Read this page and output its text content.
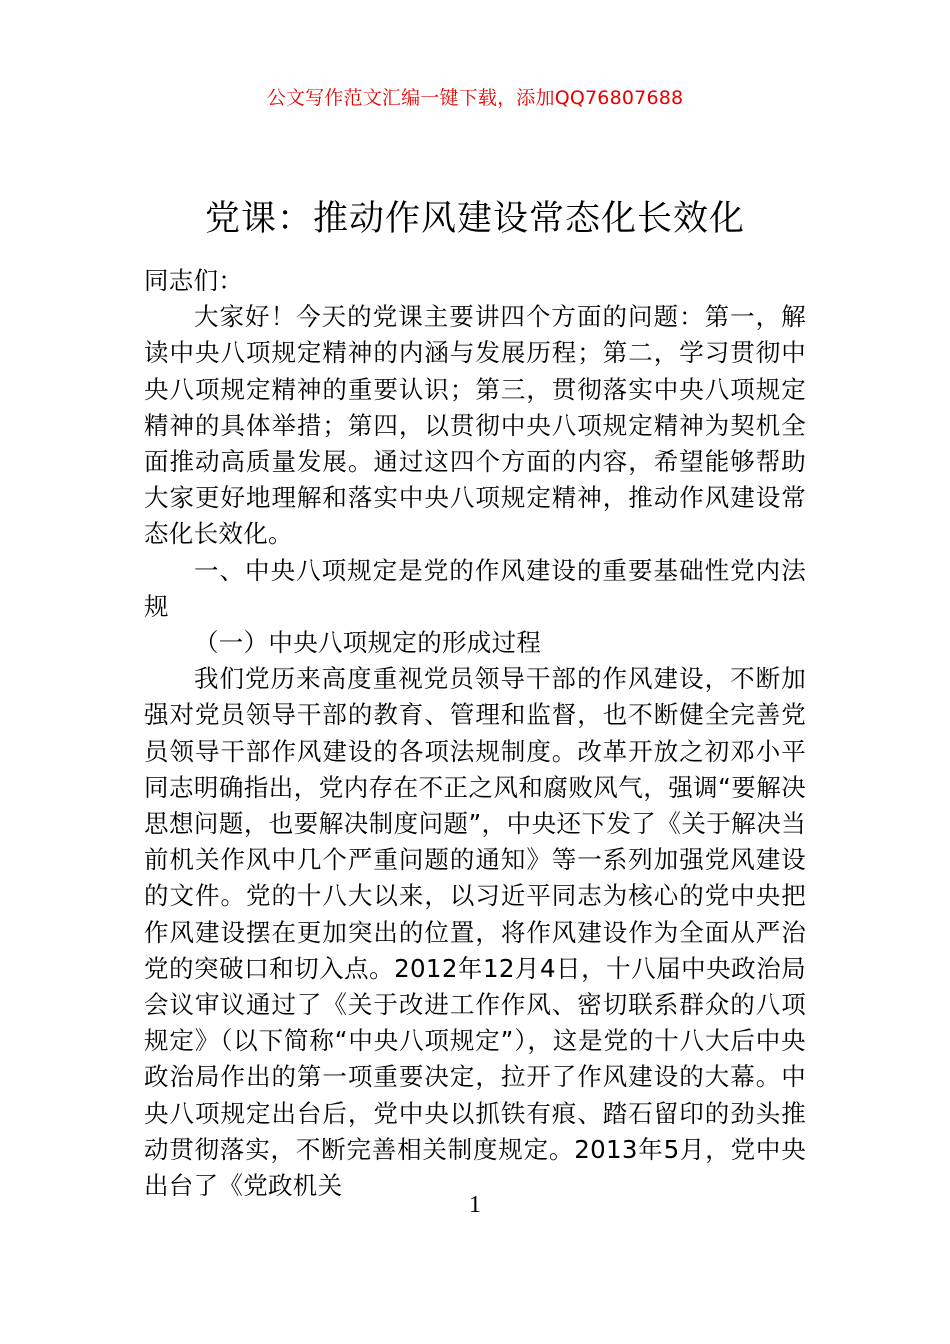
公文写作范文汇编一键下载，添加QQ76807688
党课：推动作风建设常态化长效化

同志们：

大家好！今天的党课主要讲四个方面的问题：第一，解读中央八项规定精神的内涵与发展历程；第二，学习贯彻中央八项规定精神的重要认识；第三，贯彻落实中央八项规定精神的具体举措；第四，以贯彻中央八项规定精神为契机全面推动高质量发展。通过这四个方面的内容，希望能够帮助大家更好地理解和落实中央八项规定精神，推动作风建设常态化长效化。

一、中央八项规定是党的作风建设的重要基础性党内法规

（一）中央八项规定的形成过程

我们党历来高度重视党员领导干部的作风建设，不断加强对党员领导干部的教育、管理和监督，也不断健全完善党员领导干部作风建设的各项法规制度。改革开放之初邓小平同志明确指出，党内存在不正之风和腐败风气，强调“要解决思想问题，也要解决制度问题”，中央还下发了《关于解决当前机关作风中几个严重问题的通知》等一系列加强党风建设的文件。党的十八大以来，以习近平同志为核心的党中央把作风建设摆在更加突出的位置，将作风建设作为全面从严治党的突破口和切入点。2012年12月4日，十八届中央政治局会议审议通过了《关于改进工作作风、密切联系群众的八项规定》（以下简称“中央八项规定”），这是党的十八大后中央政治局作出的第一项重要决定，拉开了作风建设的大幕。中央八项规定出台后，党中央以抓铁有痕、踏石留印的劲头推动贯彻落实，不断完善相关制度规定。2013年5月，党中央出台了《党政机关

1
